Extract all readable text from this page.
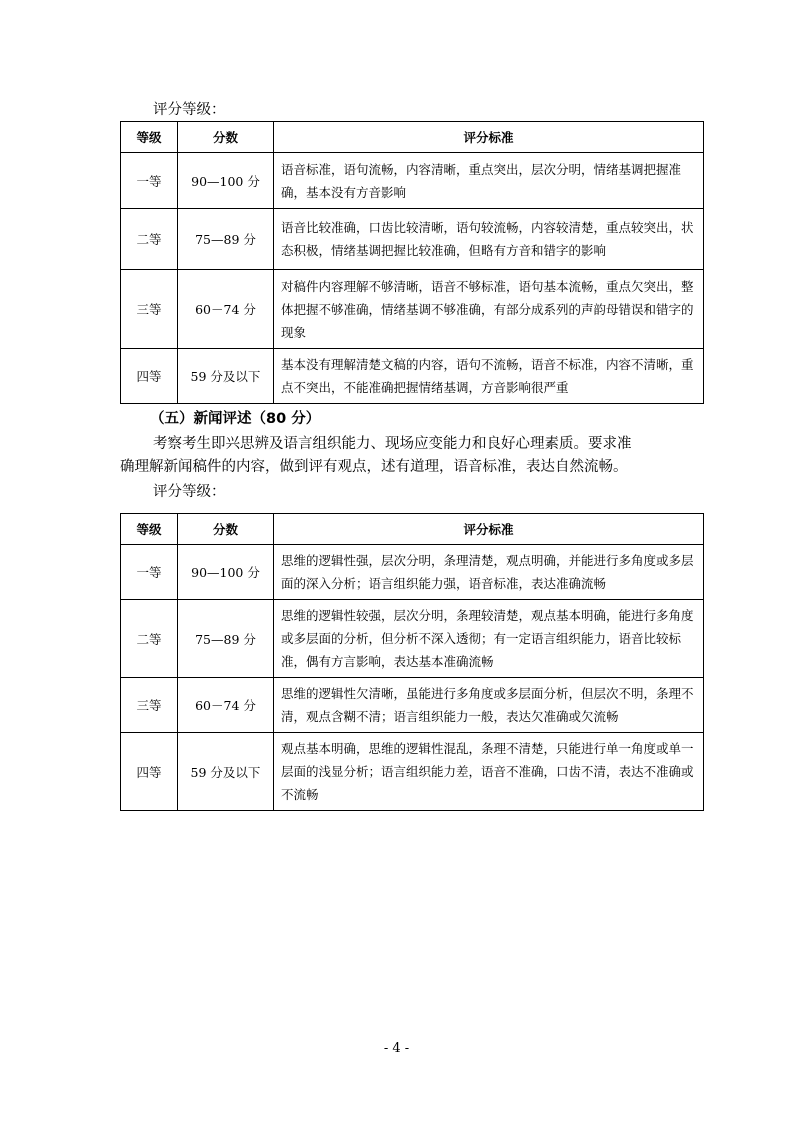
评分等级：
等级	分数	评分标准
一等	90—100 分	语音标准，语句流畅，内容清晰，重点突出，层次分明，情绪基调把握准确，基本没有方音影响
二等	75—89 分	语音比较准确，口齿比较清晰，语句较流畅，内容较清楚，重点较突出，状态积极，情绪基调把握比较准确，但略有方音和错字的影响
三等	60－74 分	对稿件内容理解不够清晰，语音不够标准，语句基本流畅，重点欠突出，整体把握不够准确，情绪基调不够准确，有部分成系列的声韵母错误和错字的现象
四等	59 分及以下	基本没有理解清楚文稿的内容，语句不流畅，语音不标准，内容不清晰，重点不突出，不能准确把握情绪基调，方音影响很严重
（五）新闻评述（80 分）
考察考生即兴思辨及语言组织能力、现场应变能力和良好心理素质。要求准
确理解新闻稿件的内容，做到评有观点，述有道理，语音标准，表达自然流畅。
评分等级：
等级	分数	评分标准
一等	90—100 分	思维的逻辑性强，层次分明，条理清楚，观点明确，并能进行多角度或多层面的深入分析；语言组织能力强，语音标准，表达准确流畅
二等	75—89 分	思维的逻辑性较强，层次分明，条理较清楚，观点基本明确，能进行多角度或多层面的分析，但分析不深入透彻；有一定语言组织能力，语音比较标准，偶有方言影响，表达基本准确流畅
三等	60－74 分	思维的逻辑性欠清晰，虽能进行多角度或多层面分析，但层次不明，条理不清，观点含糊不清；语言组织能力一般，表达欠准确或欠流畅
四等	59 分及以下	观点基本明确，思维的逻辑性混乱，条理不清楚，只能进行单一角度或单一层面的浅显分析；语言组织能力差，语音不准确，口齿不清，表达不准确或不流畅
- 4 -
